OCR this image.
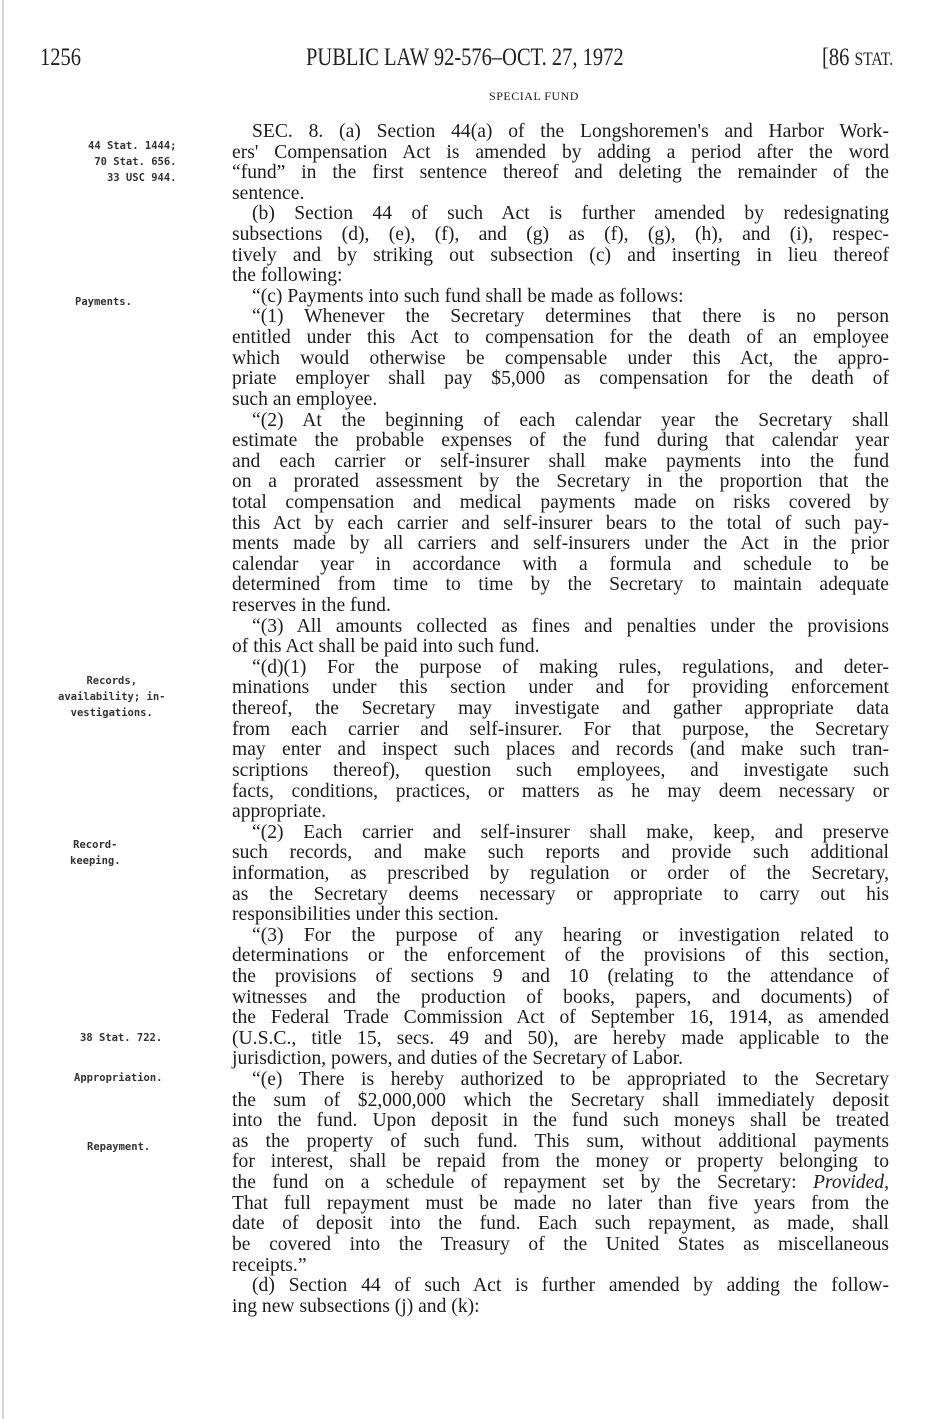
1256	PUBLIC LAW 92-576–OCT. 27, 1972	[86 STAT.
SPECIAL FUND
44 Stat. 1444;
70 Stat. 656.
33 USC 944.
Payments.
Records,
availability; in-
vestigations.
Record-
keeping.
38 Stat. 722.
Appropriation.
Repayment.
SEC. 8. (a) Section 44(a) of the Longshoremen's and Harbor Work-
ers' Compensation Act is amended by adding a period after the word
“fund” in the first sentence thereof and deleting the remainder of the
sentence.
(b) Section 44 of such Act is further amended by redesignating
subsections (d), (e), (f), and (g) as (f), (g), (h), and (i), respec-
tively and by striking out subsection (c) and inserting in lieu thereof
the following:
“(c) Payments into such fund shall be made as follows:
“(1) Whenever the Secretary determines that there is no person
entitled under this Act to compensation for the death of an employee
which would otherwise be compensable under this Act, the appro-
priate employer shall pay $5,000 as compensation for the death of
such an employee.
“(2) At the beginning of each calendar year the Secretary shall
estimate the probable expenses of the fund during that calendar year
and each carrier or self-insurer shall make payments into the fund
on a prorated assessment by the Secretary in the proportion that the
total compensation and medical payments made on risks covered by
this Act by each carrier and self-insurer bears to the total of such pay-
ments made by all carriers and self-insurers under the Act in the prior
calendar year in accordance with a formula and schedule to be
determined from time to time by the Secretary to maintain adequate
reserves in the fund.
“(3) All amounts collected as fines and penalties under the provisions
of this Act shall be paid into such fund.
“(d)(1) For the purpose of making rules, regulations, and deter-
minations under this section under and for providing enforcement
thereof, the Secretary may investigate and gather appropriate data
from each carrier and self-insurer. For that purpose, the Secretary
may enter and inspect such places and records (and make such tran-
scriptions thereof), question such employees, and investigate such
facts, conditions, practices, or matters as he may deem necessary or
appropriate.
“(2) Each carrier and self-insurer shall make, keep, and preserve
such records, and make such reports and provide such additional
information, as prescribed by regulation or order of the Secretary,
as the Secretary deems necessary or appropriate to carry out his
responsibilities under this section.
“(3) For the purpose of any hearing or investigation related to
determinations or the enforcement of the provisions of this section,
the provisions of sections 9 and 10 (relating to the attendance of
witnesses and the production of books, papers, and documents) of
the Federal Trade Commission Act of September 16, 1914, as amended
(U.S.C., title 15, secs. 49 and 50), are hereby made applicable to the
jurisdiction, powers, and duties of the Secretary of Labor.
“(e) There is hereby authorized to be appropriated to the Secretary
the sum of $2,000,000 which the Secretary shall immediately deposit
into the fund. Upon deposit in the fund such moneys shall be treated
as the property of such fund. This sum, without additional payments
for interest, shall be repaid from the money or property belonging to
the fund on a schedule of repayment set by the Secretary: Provided,
That full repayment must be made no later than five years from the
date of deposit into the fund. Each such repayment, as made, shall
be covered into the Treasury of the United States as miscellaneous
receipts.”
(d) Section 44 of such Act is further amended by adding the follow-
ing new subsections (j) and (k):
